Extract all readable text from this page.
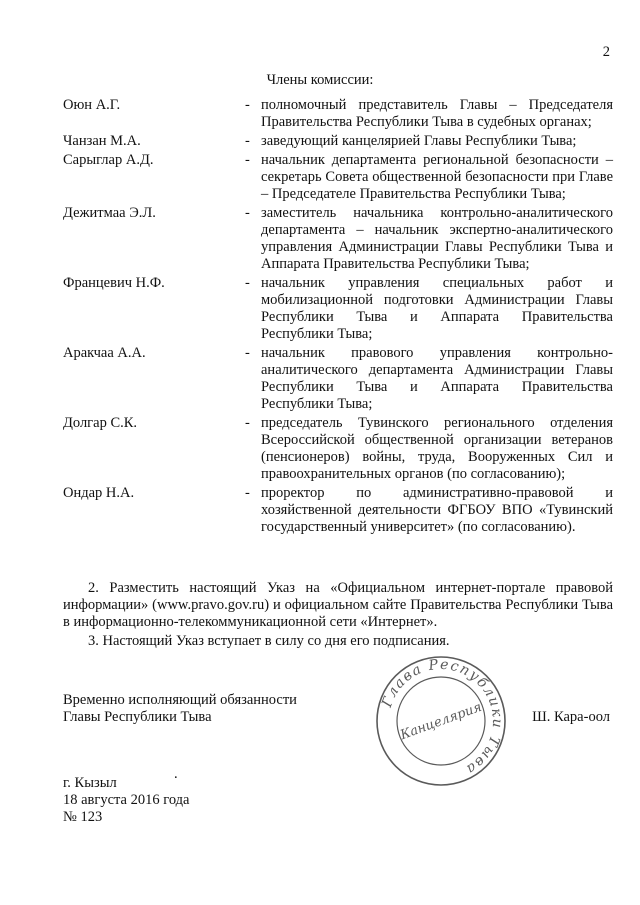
2
Члены комиссии:
Оюн А.Г.	- полномочный представитель Главы – Председателя Правительства Республики Тыва в судебных органах;
Чанзан М.А.	- заведующий канцелярией Главы Республики Тыва;
Сарыглар А.Д.	- начальник департамента региональной безопасности – секретарь Совета общественной безопасности при Главе – Председателе Правительства Республики Тыва;
Дежитмаа Э.Л.	- заместитель начальника контрольно-аналитического департамента – начальник экспертно-аналитического управления Администрации Главы Республики Тыва и Аппарата Правительства Республики Тыва;
Францевич Н.Ф.	- начальник управления специальных работ и мобилизационной подготовки Администрации Главы Республики Тыва и Аппарата Правительства Республики Тыва;
Аракчаа А.А.	- начальник правового управления контрольно-аналитического департамента Администрации Главы Республики Тыва и Аппарата Правительства Республики Тыва;
Долгар С.К.	- председатель Тувинского регионального отделения Всероссийской общественной организации ветеранов (пенсионеров) войны, труда, Вооруженных Сил и правоохранительных органов (по согласованию);
Ондар Н.А.	- проректор по административно-правовой и хозяйственной деятельности ФГБОУ ВПО «Тувинский государственный университет» (по согласованию).

2. Разместить настоящий Указ на «Официальном интернет-портале правовой информации» (www.pravo.gov.ru) и официальном сайте Правительства Республики Тыва в информационно-телекоммуникационной сети «Интернет».

3. Настоящий Указ вступает в силу со дня его подписания.

Временно исполняющий обязанности
Главы Республики Тыва
Глава Республики Тыва
Канцелярия	Ш. Кара-оол
.
г. Кызыл
18 августа 2016 года
№ 123
